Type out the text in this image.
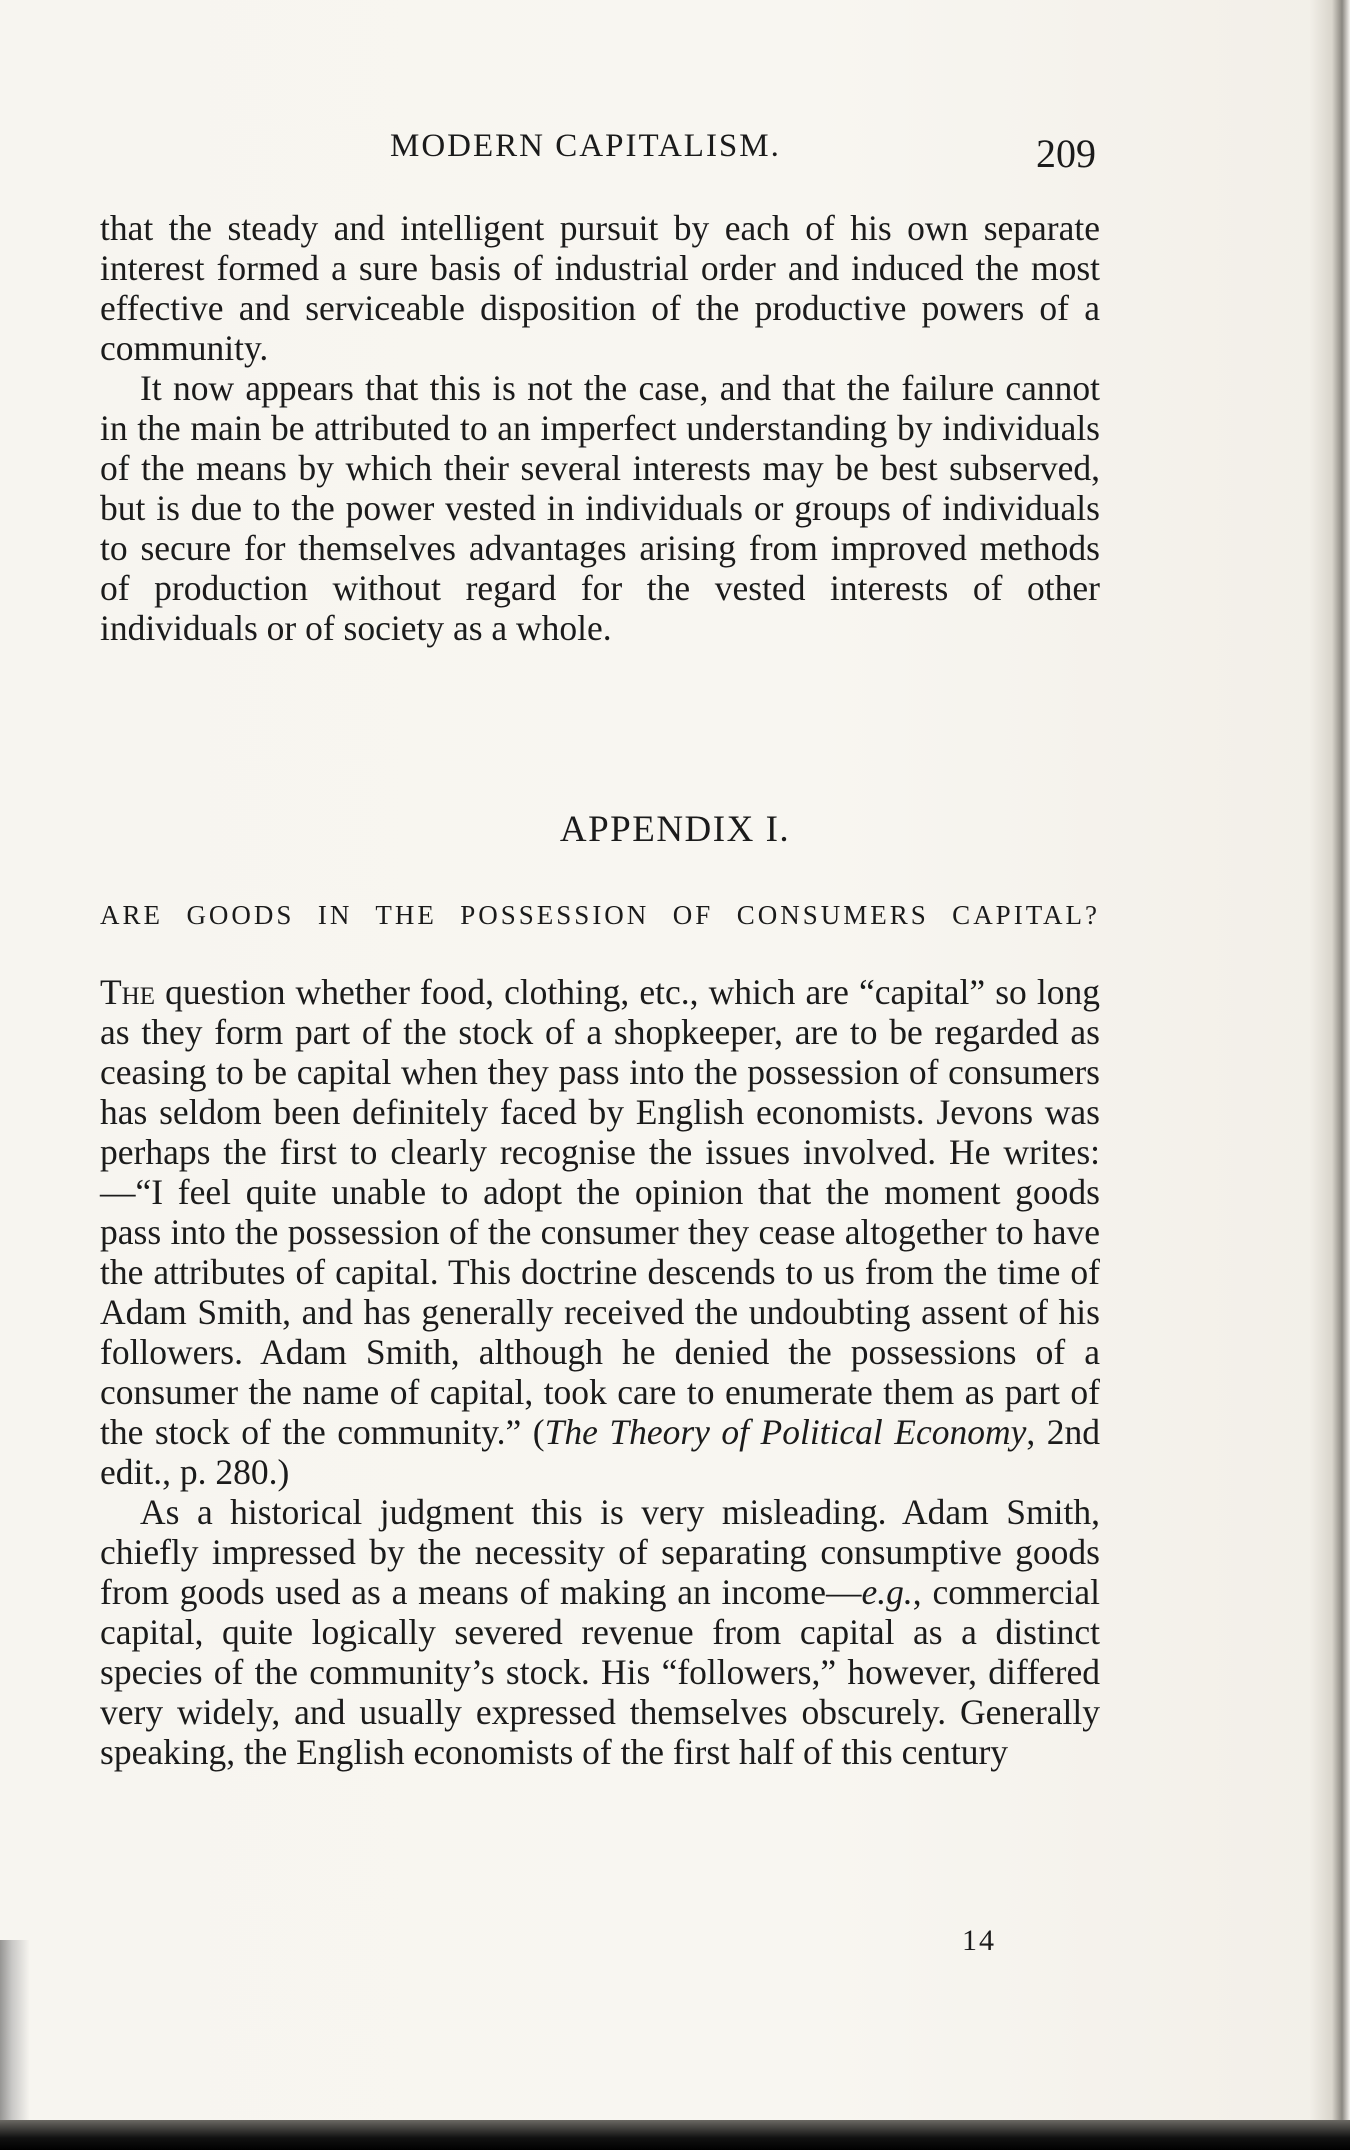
MODERN CAPITALISM.	209

that the steady and intelligent pursuit by each of his own separate interest formed a sure basis of industrial order and induced the most effective and serviceable disposition of the productive powers of a community.

It now appears that this is not the case, and that the failure cannot in the main be attributed to an imperfect understanding by individuals of the means by which their several interests may be best subserved, but is due to the power vested in individuals or groups of individuals to secure for themselves advantages arising from improved methods of production without regard for the vested interests of other individuals or of society as a whole.

APPENDIX I.
ARE GOODS IN THE POSSESSION OF CONSUMERS CAPITAL?

The question whether food, clothing, etc., which are “capital” so long as they form part of the stock of a shopkeeper, are to be regarded as ceasing to be capital when they pass into the possession of consumers has seldom been definitely faced by English economists. Jevons was perhaps the first to clearly recognise the issues involved. He writes:—“I feel quite unable to adopt the opinion that the moment goods pass into the possession of the consumer they cease altogether to have the attributes of capital. This doctrine descends to us from the time of Adam Smith, and has generally received the undoubting assent of his followers. Adam Smith, although he denied the possessions of a consumer the name of capital, took care to enumerate them as part of the stock of the community.” (The Theory of Political Economy, 2nd edit., p. 280.)

As a historical judgment this is very misleading. Adam Smith, chiefly impressed by the necessity of separating consumptive goods from goods used as a means of making an income—e.g., commercial capital, quite logically severed revenue from capital as a distinct species of the community’s stock. His “followers,” however, differed very widely, and usually expressed themselves obscurely. Generally speaking, the English economists of the first half of this century

14
